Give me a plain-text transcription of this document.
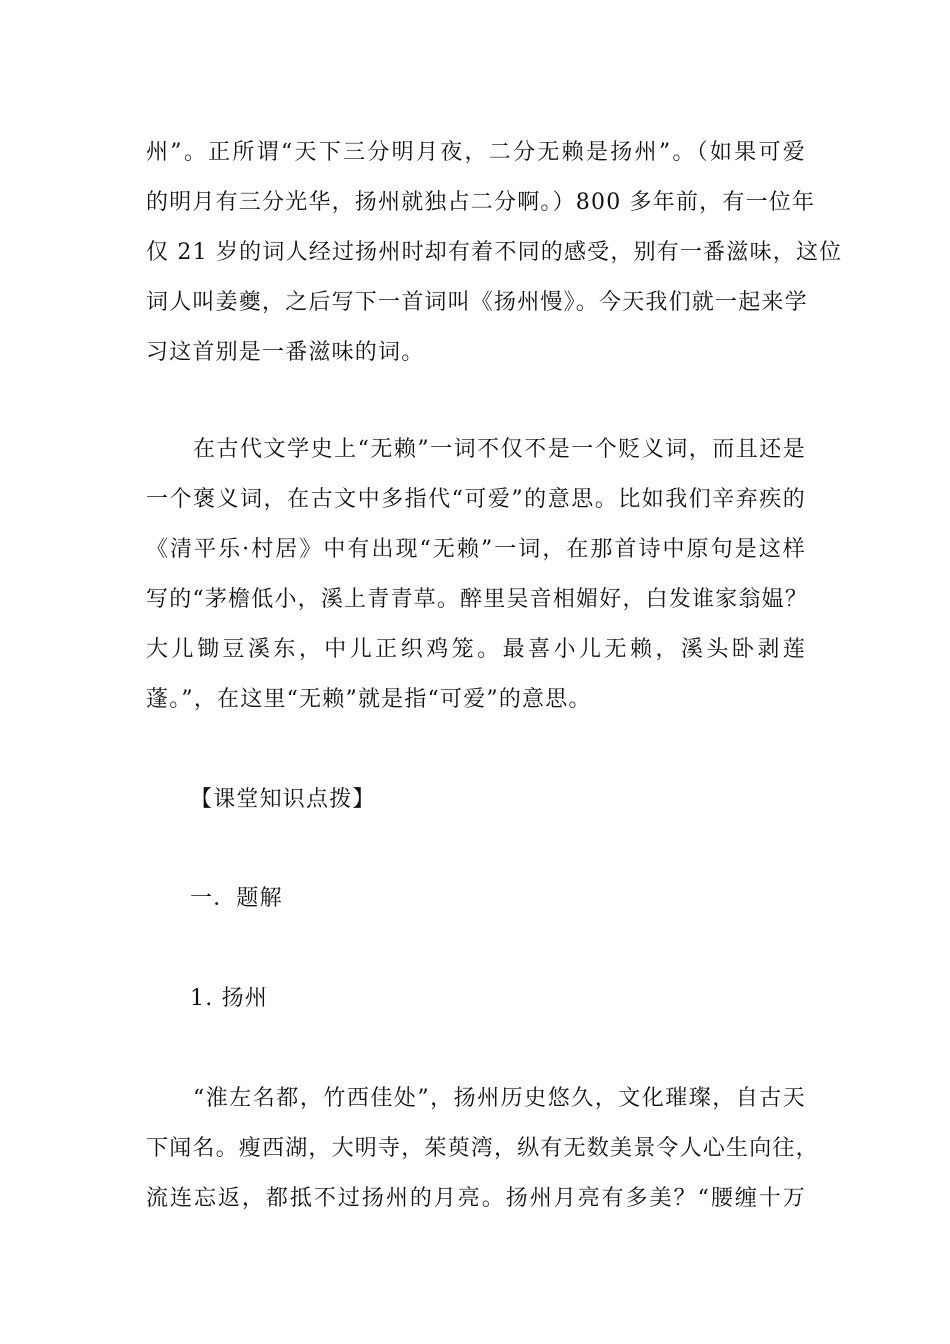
州”。正所谓“天下三分明月夜，二分无赖是扬州”。（如果可爱
的明月有三分光华，扬州就独占二分啊。）800 多年前，有一位年
仅 21 岁的词人经过扬州时却有着不同的感受，别有一番滋味，这位
词人叫姜夔，之后写下一首词叫《扬州慢》。今天我们就一起来学
习这首别是一番滋味的词。

　　在古代文学史上“无赖”一词不仅不是一个贬义词，而且还是
一个褒义词，在古文中多指代“可爱”的意思。比如我们辛弃疾的
《清平乐·村居》中有出现“无赖”一词，在那首诗中原句是这样
写的“茅檐低小，溪上青青草。醉里吴音相媚好，白发谁家翁媪？
大儿锄豆溪东，中儿正织鸡笼。最喜小儿无赖，溪头卧剥莲
蓬。”，在这里“无赖”就是指“可爱”的意思。

【课堂知识点拨】

一．题解

1. 扬州

　　“淮左名都，竹西佳处”，扬州历史悠久，文化璀璨，自古天
下闻名。瘦西湖，大明寺，茱萸湾，纵有无数美景令人心生向往，
流连忘返，都抵不过扬州的月亮。扬州月亮有多美？“腰缠十万
